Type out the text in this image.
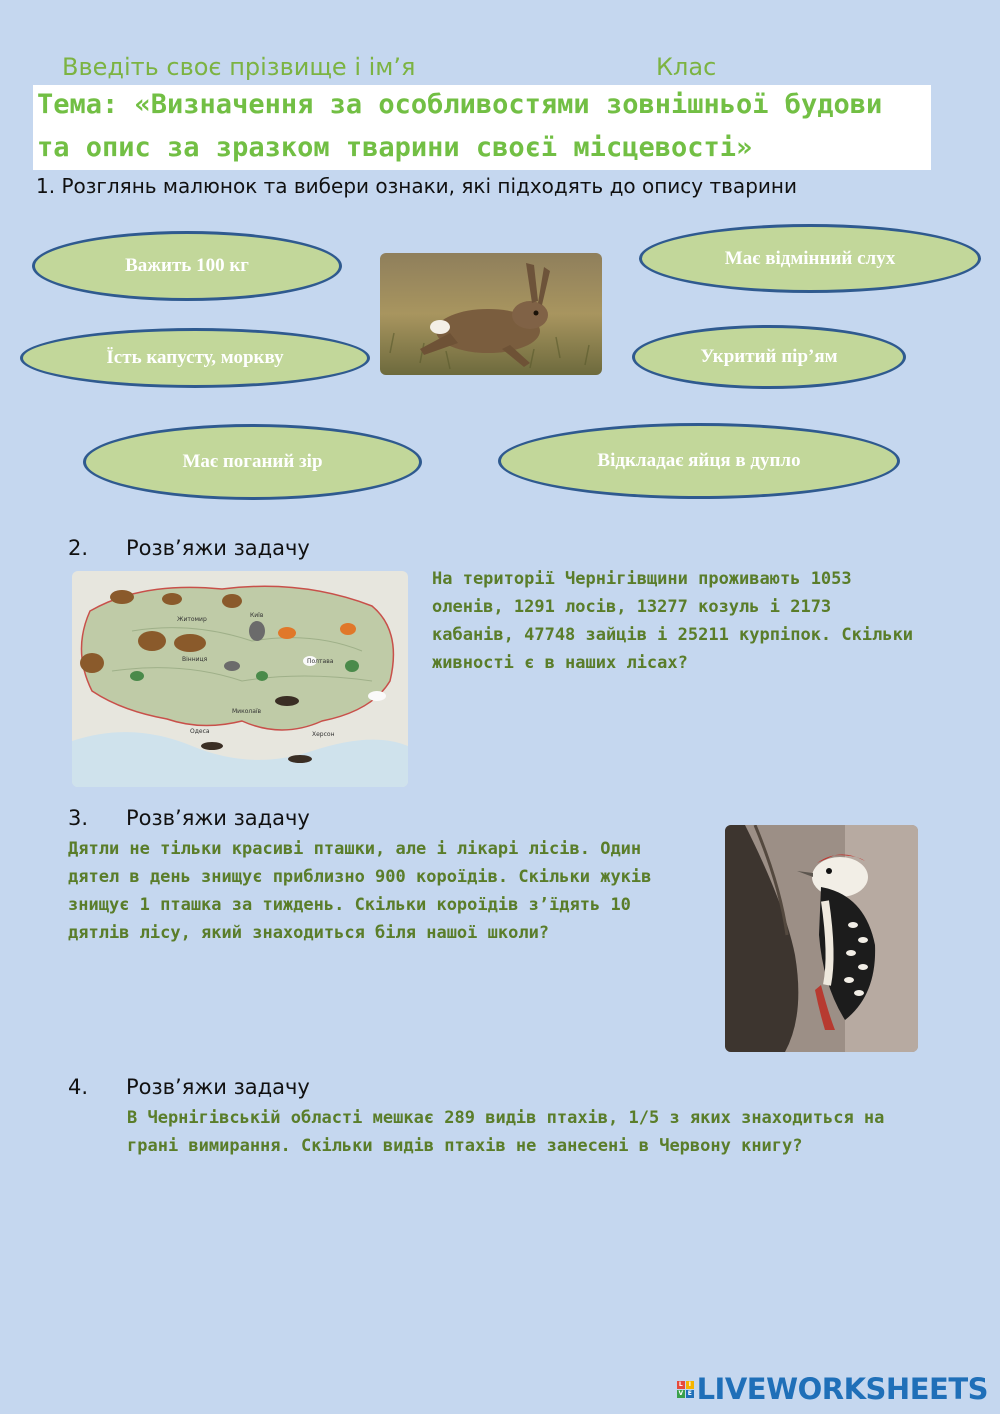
Введіть своє прізвище і ім’я	Клас
Тема: «Визначення за особливостями зовнішньої будови
та опис за зразком тварини своєї місцевості»
1. Розглянь малюнок та вибери ознаки, які підходять до опису тварини
Важить 100 кг	Має відмінний слух
Їсть капусту, моркву	Укритий пір’ям
Має поганий зір	Відкладає яйця в дупло
2. Розв’яжи задачу
Житомир
Київ
Полтава
Вінниця
Миколаїв
Херсон
Одеса
На території Чернігівщини проживають 1053 оленів, 1291 лосів, 13277 козуль і 2173 кабанів, 47748 зайців і 25211 курпіпок. Скільки живності є в наших лісах?
3. Розв’яжи задачу
Дятли не тільки красиві пташки, але і лікарі лісів. Один дятел в день знищує приблизно 900 короїдів. Скільки жуків знищує 1 пташка за тиждень. Скільки короїдів з’їдять 10 дятлів лісу, який знаходиться біля нашої школи?
4. Розв’яжи задачу
В Чернігівській області мешкає 289 видів птахів, 1/5 з яких знаходиться на грані вимирання. Скільки видів птахів не занесені в Червону книгу?
L	I
V E LIVEWORKSHEETS
